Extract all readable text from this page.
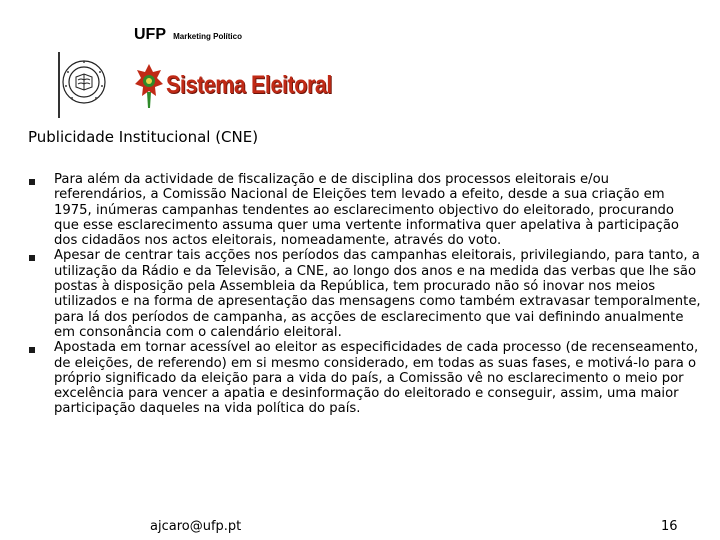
UFP Marketing Político
Sistema Eleitoral
Publicidade Institucional (CNE)
Para além da actividade de fiscalização e de disciplina dos processos eleitorais e/ou referendários, a Comissão Nacional de Eleições tem levado a efeito, desde a sua criação em 1975, inúmeras campanhas tendentes ao esclarecimento objectivo do eleitorado, procurando que esse esclarecimento assuma quer uma vertente informativa quer apelativa à participação dos cidadãos nos actos eleitorais, nomeadamente, através do voto.
Apesar de centrar tais acções nos períodos das campanhas eleitorais, privilegiando, para tanto, a utilização da Rádio e da Televisão, a CNE, ao longo dos anos e na medida das verbas que lhe são postas à disposição pela Assembleia da República, tem procurado não só inovar nos meios utilizados e na forma de apresentação das mensagens como também extravasar temporalmente, para lá dos períodos de campanha, as acções de esclarecimento que vai definindo anualmente em consonância com o calendário eleitoral.
Apostada em tornar acessível ao eleitor as especificidades de cada processo (de recenseamento, de eleições, de referendo) em si mesmo considerado, em todas as suas fases, e motivá-lo para o próprio significado da eleição para a vida do país, a Comissão vê no esclarecimento o meio por excelência para vencer a apatia e desinformação do eleitorado e conseguir, assim, uma maior participação daqueles na vida política do país.
ajcaro@ufp.pt	16
